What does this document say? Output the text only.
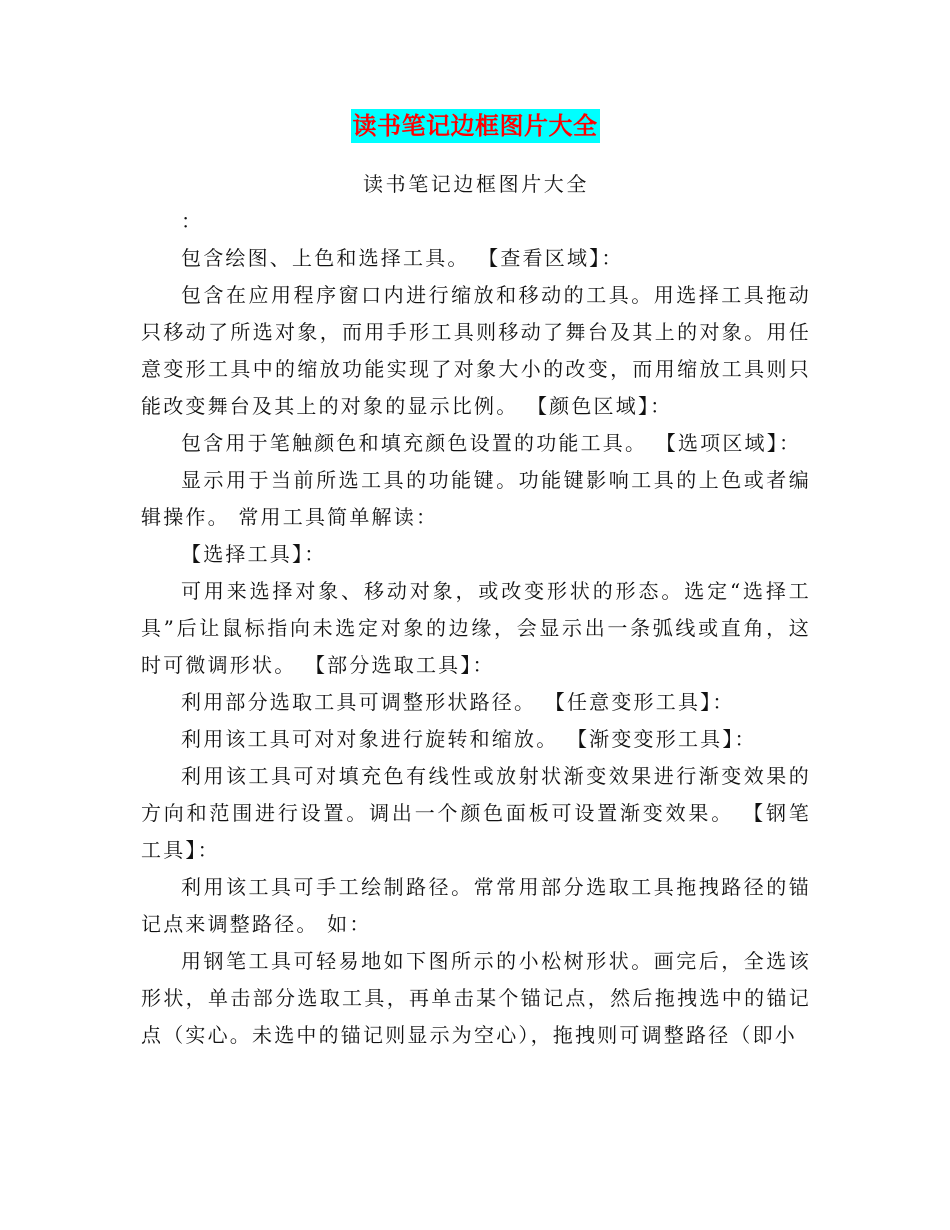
读书笔记边框图片大全

读书笔记边框图片大全

：

包含绘图、上色和选择工具。 【查看区域】：

包含在应用程序窗口内进行缩放和移动的工具。用选择工具拖动只移动了所选对象，而用手形工具则移动了舞台及其上的对象。用任意变形工具中的缩放功能实现了对象大小的改变，而用缩放工具则只能改变舞台及其上的对象的显示比例。 【颜色区域】：

包含用于笔触颜色和填充颜色设置的功能工具。 【选项区域】：

显示用于当前所选工具的功能键。功能键影响工具的上色或者编辑操作。 常用工具简单解读：

【选择工具】：

可用来选择对象、移动对象，或改变形状的形态。选定“选择工具”后让鼠标指向未选定对象的边缘，会显示出一条弧线或直角，这时可微调形状。 【部分选取工具】：

利用部分选取工具可调整形状路径。 【任意变形工具】：

利用该工具可对对象进行旋转和缩放。 【渐变变形工具】：

利用该工具可对填充色有线性或放射状渐变效果进行渐变效果的方向和范围进行设置。调出一个颜色面板可设置渐变效果。 【钢笔工具】：

利用该工具可手工绘制路径。常常用部分选取工具拖拽路径的锚记点来调整路径。 如：

用钢笔工具可轻易地如下图所示的小松树形状。画完后，全选该形状，单击部分选取工具，再单击某个锚记点，然后拖拽选中的锚记点（实心。未选中的锚记则显示为空心），拖拽则可调整路径（即小
